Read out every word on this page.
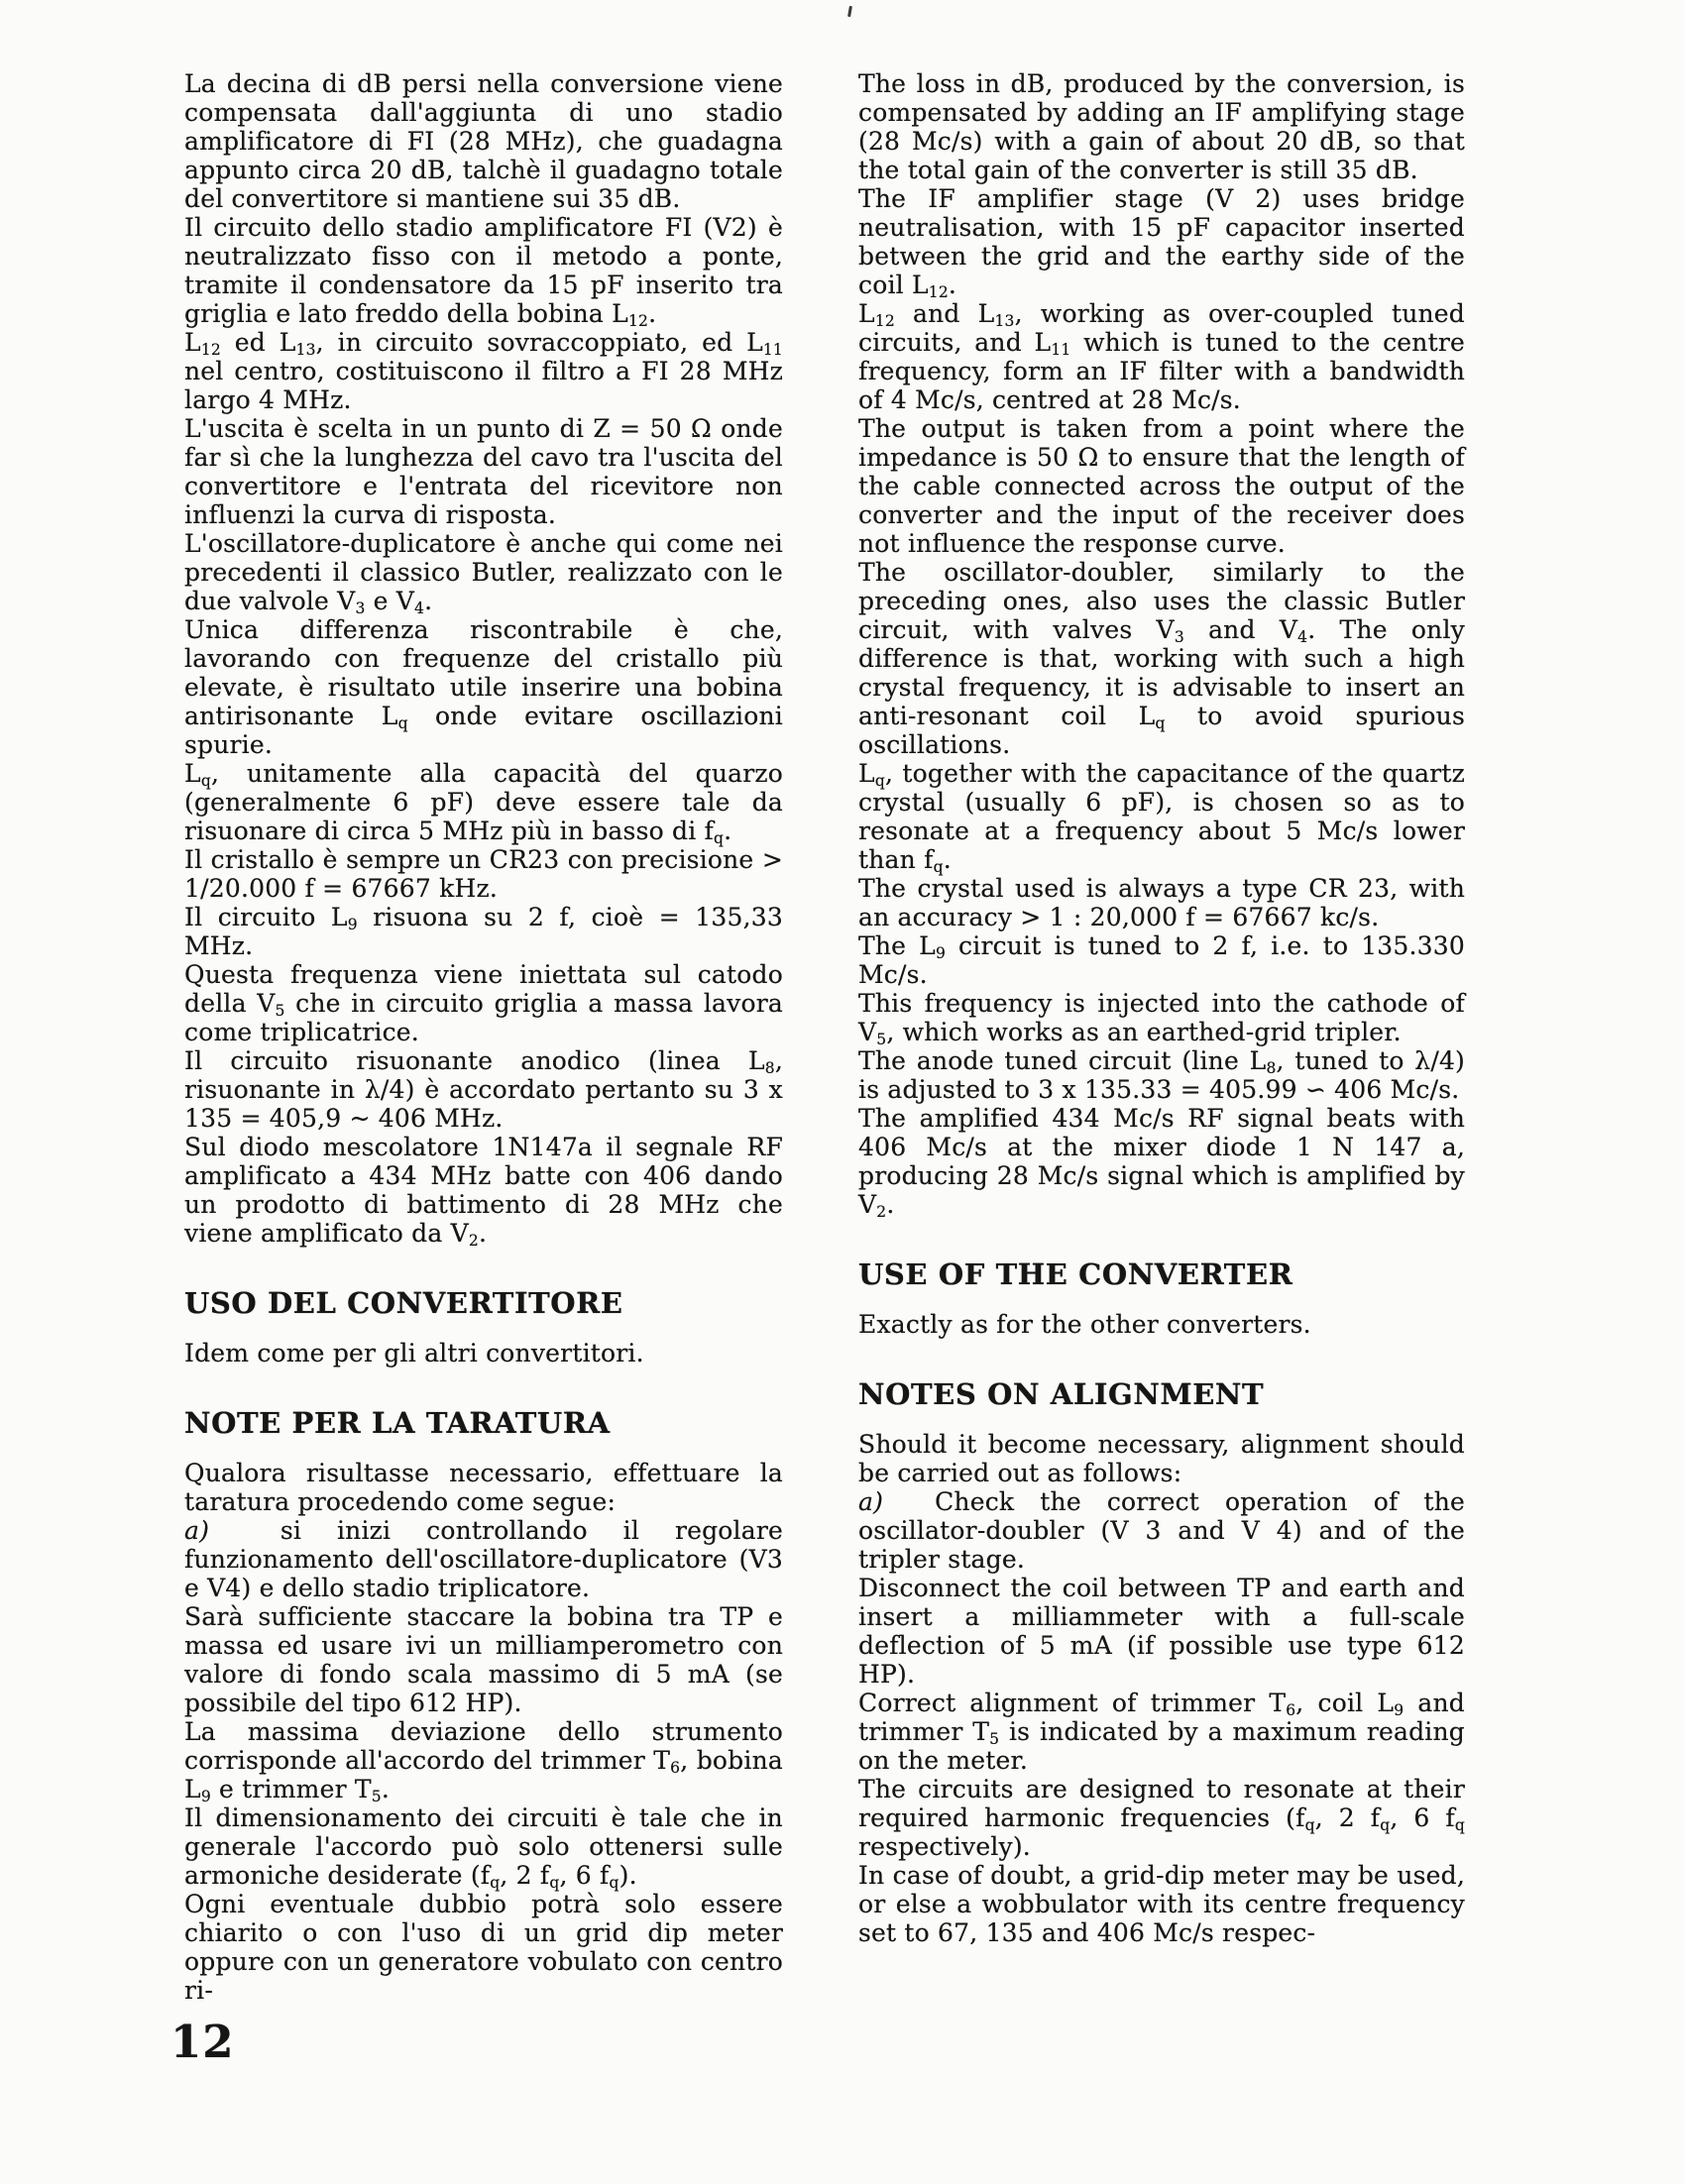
La decina di dB persi nella conversione viene compensata dall'aggiunta di uno stadio amplificatore di FI (28 MHz), che guadagna appunto circa 20 dB, talchè il guadagno totale del convertitore si mantiene sui 35 dB.

Il circuito dello stadio amplificatore FI (V2) è neutralizzato fisso con il metodo a ponte, tramite il condensatore da 15 pF inserito tra griglia e lato freddo della bobina $L_{12}$.

$L_{12}$ ed $L_{13}$, in circuito sovraccoppiato, ed $L_{11}$ nel centro, costituiscono il filtro a FI 28 MHz largo 4 MHz.

L'uscita è scelta in un punto di Z = 50 Ω onde far sì che la lunghezza del cavo tra l'uscita del convertitore e l'entrata del ricevitore non influenzi la curva di risposta.

L'oscillatore-duplicatore è anche qui come nei precedenti il classico Butler, realizzato con le due valvole $V_3$ e $V_4$.

Unica differenza riscontrabile è che, lavorando con frequenze del cristallo più elevate, è risultato utile inserire una bobina antirisonante $L_q$ onde evitare oscillazioni spurie.

$L_q$, unitamente alla capacità del quarzo (generalmente 6 pF) deve essere tale da risuonare di circa 5 MHz più in basso di $f_q$.

Il cristallo è sempre un CR23 con precisione > 1/20.000 f = 67667 kHz.

Il circuito $L_9$ risuona su 2 f, cioè = 135,33 MHz.

Questa frequenza viene iniettata sul catodo della $V_5$ che in circuito griglia a massa lavora come triplicatrice.

Il circuito risuonante anodico (linea $L_8$, risuonante in λ/4) è accordato pertanto su 3 x 135 = 405,9 ~ 406 MHz.

Sul diodo mescolatore 1N147a il segnale RF amplificato a 434 MHz batte con 406 dando un prodotto di battimento di 28 MHz che viene amplificato da $V_2$.

USO DEL CONVERTITORE

Idem come per gli altri convertitori.

NOTE PER LA TARATURA

Qualora risultasse necessario, effettuare la taratura procedendo come segue:

a)  si inizi controllando il regolare funzionamento dell'oscillatore-duplicatore (V3 e V4) e dello stadio triplicatore.

Sarà sufficiente staccare la bobina tra TP e massa ed usare ivi un milliamperometro con valore di fondo scala massimo di 5 mA (se possibile del tipo 612 HP).

La massima deviazione dello strumento corrisponde all'accordo del trimmer $T_6$, bobina $L_9$ e trimmer $T_5$.

Il dimensionamento dei circuiti è tale che in generale l'accordo può solo ottenersi sulle armoniche desiderate ($f_q$, 2 $f_q$, 6 $f_q$).

Ogni eventuale dubbio potrà solo essere chiarito o con l'uso di un grid dip meter oppure con un generatore vobulato con centro ri-

The loss in dB, produced by the conversion, is compensated by adding an IF amplifying stage (28 Mc/s) with a gain of about 20 dB, so that the total gain of the converter is still 35 dB.

The IF amplifier stage (V 2) uses bridge neutralisation, with 15 pF capacitor inserted between the grid and the earthy side of the coil $L_{12}$.

$L_{12}$ and $L_{13}$, working as over-coupled tuned circuits, and $L_{11}$ which is tuned to the centre frequency, form an IF filter with a bandwidth of 4 Mc/s, centred at 28 Mc/s.

The output is taken from a point where the impedance is 50 Ω to ensure that the length of the cable connected across the output of the converter and the input of the receiver does not influence the response curve.

The oscillator-doubler, similarly to the preceding ones, also uses the classic Butler circuit, with valves $V_3$ and $V_4$. The only difference is that, working with such a high crystal frequency, it is advisable to insert an anti-resonant coil $L_q$ to avoid spurious oscillations.

$L_q$, together with the capacitance of the quartz crystal (usually 6 pF), is chosen so as to resonate at a frequency about 5 Mc/s lower than $f_q$.

The crystal used is always a type CR 23, with an accuracy > 1 : 20,000 f = 67667 kc/s.

The $L_9$ circuit is tuned to 2 f, i.e. to 135.330 Mc/s.

This frequency is injected into the cathode of $V_5$, which works as an earthed-grid tripler.

The anode tuned circuit (line $L_8$, tuned to λ/4) is adjusted to 3 x 135.33 = 405.99 ∽ 406 Mc/s.

The amplified 434 Mc/s RF signal beats with 406 Mc/s at the mixer diode 1 N 147 a, producing 28 Mc/s signal which is amplified by $V_2$.

USE OF THE CONVERTER

Exactly as for the other converters.

NOTES ON ALIGNMENT

Should it become necessary, alignment should be carried out as follows:

a)  Check the correct operation of the oscillator-doubler (V 3 and V 4) and of the tripler stage.

Disconnect the coil between TP and earth and insert a milliammeter with a full-scale deflection of 5 mA (if possible use type 612 HP).

Correct alignment of trimmer $T_6$, coil $L_9$ and trimmer $T_5$ is indicated by a maximum reading on the meter.

The circuits are designed to resonate at their required harmonic frequencies ($f_q$, 2 $f_q$, 6 $f_q$ respectively).

In case of doubt, a grid-dip meter may be used, or else a wobbulator with its centre frequency set to 67, 135 and 406 Mc/s respec-

12
